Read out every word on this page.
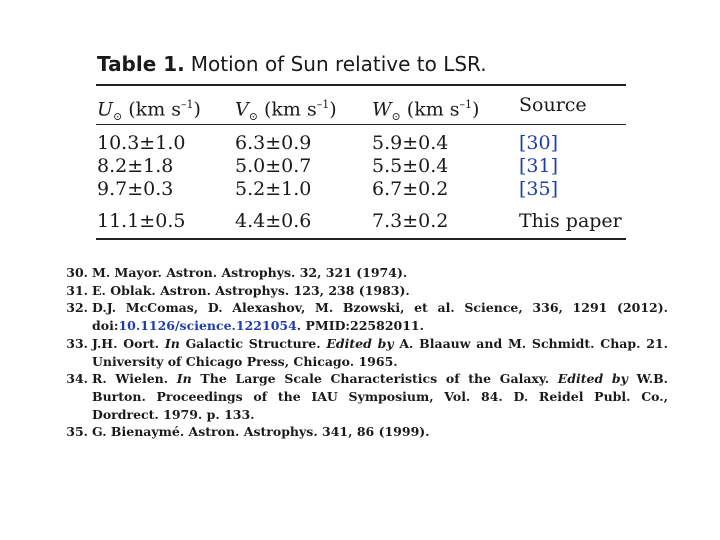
Table 1. Motion of Sun relative to LSR.
$U_⊙$ (km $s^{-1}$) $V_⊙$ (km $s^{-1}$) $W_⊙$ (km $s^{-1}$) Source
10.3±1.0	6.3±0.9	5.9±0.4	[30]
8.2±1.8	5.0±0.7	5.5±0.4	[31]
9.7±0.3	5.2±1.0	6.7±0.2	[35]
11.1±0.5	4.4±0.6	7.3±0.2	This paper
30. M. Mayor. Astron. Astrophys. 32, 321 (1974).
31. E. Oblak. Astron. Astrophys. 123, 238 (1983).
32. D.J. McComas, D. Alexashov, M. Bzowski, et al. Science, 336, 1291 (2012). doi:10.1126/science.1221054. PMID:22582011.
33. J.H. Oort. In Galactic Structure. Edited by A. Blaauw and M. Schmidt. Chap. 21. University of Chicago Press, Chicago. 1965.
34. R. Wielen. In The Large Scale Characteristics of the Galaxy. Edited by W.B. Burton. Proceedings of the IAU Symposium, Vol. 84. D. Reidel Publ. Co., Dordrect. 1979. p. 133.
35. G. Bienaymé. Astron. Astrophys. 341, 86 (1999).
